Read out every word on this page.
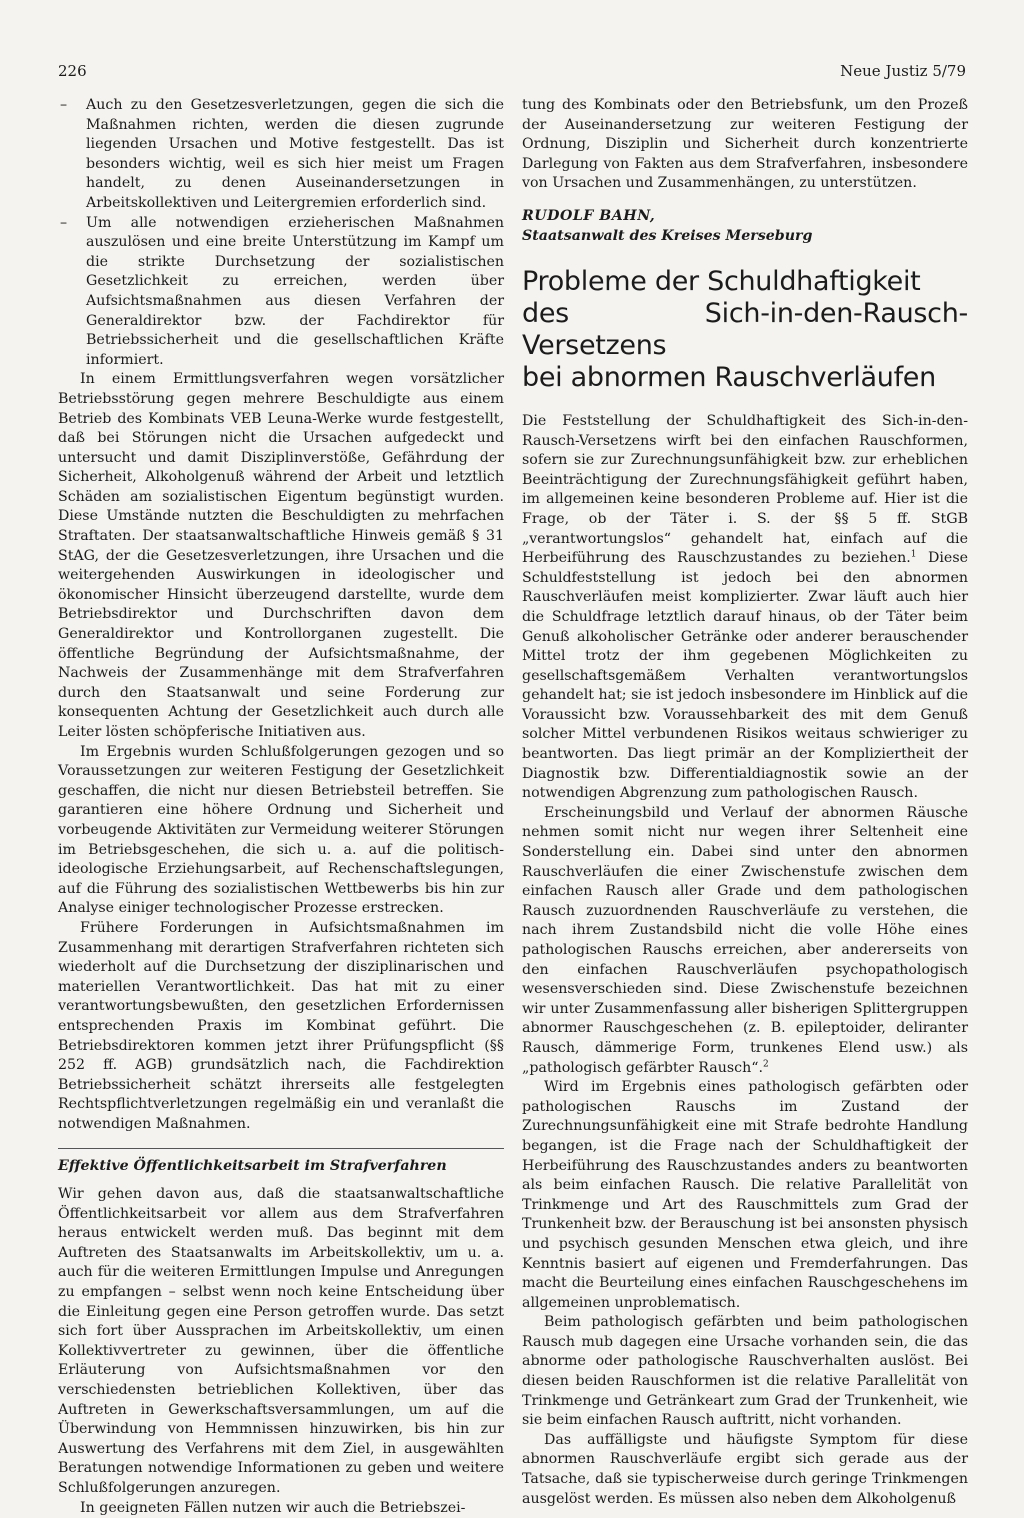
226	Neue Justiz 5/79
– Auch zu den Gesetzesverletzungen, gegen die sich die Maßnahmen richten, werden die diesen zugrunde liegenden Ursachen und Motive festgestellt. Das ist besonders wichtig, weil es sich hier meist um Fragen handelt, zu denen Auseinandersetzungen in Arbeitskollektiven und Leitergremien erforderlich sind.
– Um alle notwendigen erzieherischen Maßnahmen auszulösen und eine breite Unterstützung im Kampf um die strikte Durchsetzung der sozialistischen Gesetzlichkeit zu erreichen, werden über Aufsichtsmaßnahmen aus diesen Verfahren der Generaldirektor bzw. der Fachdirektor für Betriebssicherheit und die gesellschaftlichen Kräfte informiert.

In einem Ermittlungsverfahren wegen vorsätzlicher Betriebsstörung gegen mehrere Beschuldigte aus einem Betrieb des Kombinats VEB Leuna-Werke wurde festgestellt, daß bei Störungen nicht die Ursachen aufgedeckt und untersucht und damit Disziplinverstöße, Gefährdung der Sicherheit, Alkoholgenuß während der Arbeit und letztlich Schäden am sozialistischen Eigentum begünstigt wurden. Diese Umstände nutzten die Beschuldigten zu mehrfachen Straftaten. Der staatsanwaltschaftliche Hinweis gemäß § 31 StAG, der die Gesetzesverletzungen, ihre Ursachen und die weitergehenden Auswirkungen in ideologischer und ökonomischer Hinsicht überzeugend darstellte, wurde dem Betriebsdirektor und Durchschriften davon dem Generaldirektor und Kontrollorganen zugestellt. Die öffentliche Begründung der Aufsichtsmaßnahme, der Nachweis der Zusammenhänge mit dem Strafverfahren durch den Staatsanwalt und seine Forderung zur konsequenten Achtung der Gesetzlichkeit auch durch alle Leiter lösten schöpferische Initiativen aus.

Im Ergebnis wurden Schlußfolgerungen gezogen und so Voraussetzungen zur weiteren Festigung der Gesetzlichkeit geschaffen, die nicht nur diesen Betriebsteil betreffen. Sie garantieren eine höhere Ordnung und Sicherheit und vorbeugende Aktivitäten zur Vermeidung weiterer Störungen im Betriebsgeschehen, die sich u. a. auf die politisch-ideologische Erziehungsarbeit, auf Rechenschaftslegungen, auf die Führung des sozialistischen Wettbewerbs bis hin zur Analyse einiger technologischer Prozesse erstrecken.

Frühere Forderungen in Aufsichtsmaßnahmen im Zusammenhang mit derartigen Strafverfahren richteten sich wiederholt auf die Durchsetzung der disziplinarischen und materiellen Verantwortlichkeit. Das hat mit zu einer verantwortungsbewußten, den gesetzlichen Erfordernissen entsprechenden Praxis im Kombinat geführt. Die Betriebsdirektoren kommen jetzt ihrer Prüfungspflicht (§§ 252 ff. AGB) grundsätzlich nach, die Fachdirektion Betriebssicherheit schätzt ihrerseits alle festgelegten Rechtspflichtverletzungen regelmäßig ein und veranlaßt die notwendigen Maßnahmen.

Effektive Öffentlichkeitsarbeit im Strafverfahren

Wir gehen davon aus, daß die staatsanwaltschaftliche Öffentlichkeitsarbeit vor allem aus dem Strafverfahren heraus entwickelt werden muß. Das beginnt mit dem Auftreten des Staatsanwalts im Arbeitskollektiv, um u. a. auch für die weiteren Ermittlungen Impulse und Anregungen zu empfangen – selbst wenn noch keine Entscheidung über die Einleitung gegen eine Person getroffen wurde. Das setzt sich fort über Aussprachen im Arbeitskollektiv, um einen Kollektivvertreter zu gewinnen, über die öffentliche Erläuterung von Aufsichtsmaßnahmen vor den verschiedensten betrieblichen Kollektiven, über das Auftreten in Gewerkschaftsversammlungen, um auf die Überwindung von Hemmnissen hinzuwirken, bis hin zur Auswertung des Verfahrens mit dem Ziel, in ausgewählten Beratungen notwendige Informationen zu geben und weitere Schlußfolgerungen anzuregen.

In geeigneten Fällen nutzen wir auch die Betriebszei-

tung des Kombinats oder den Betriebsfunk, um den Prozeß der Auseinandersetzung zur weiteren Festigung der Ordnung, Disziplin und Sicherheit durch konzentrierte Darlegung von Fakten aus dem Strafverfahren, insbesondere von Ursachen und Zusammenhängen, zu unterstützen.

RUDOLF BAHN,
Staatsanwalt des Kreises Merseburg
Probleme der Schuldhaftigkeit
des Sich-in-den-Rausch-Versetzens
bei abnormen Rauschverläufen

Die Feststellung der Schuldhaftigkeit des Sich-in-den-Rausch-Versetzens wirft bei den einfachen Rauschformen, sofern sie zur Zurechnungsunfähigkeit bzw. zur erheblichen Beeinträchtigung der Zurechnungsfähigkeit geführt haben, im allgemeinen keine besonderen Probleme auf. Hier ist die Frage, ob der Täter i. S. der §§ 5 ff. StGB „verantwortungslos“ gehandelt hat, einfach auf die Herbeiführung des Rauschzustandes zu beziehen.$^1$ Diese Schuldfeststellung ist jedoch bei den abnormen Rauschverläufen meist komplizierter. Zwar läuft auch hier die Schuldfrage letztlich darauf hinaus, ob der Täter beim Genuß alkoholischer Getränke oder anderer berauschender Mittel trotz der ihm gegebenen Möglichkeiten zu gesellschaftsgemäßem Verhalten verantwortungslos gehandelt hat; sie ist jedoch insbesondere im Hinblick auf die Voraussicht bzw. Voraussehbarkeit des mit dem Genuß solcher Mittel verbundenen Risikos weitaus schwieriger zu beantworten. Das liegt primär an der Kompliziertheit der Diagnostik bzw. Differentialdiagnostik sowie an der notwendigen Abgrenzung zum pathologischen Rausch.

Erscheinungsbild und Verlauf der abnormen Räusche nehmen somit nicht nur wegen ihrer Seltenheit eine Sonderstellung ein. Dabei sind unter den abnormen Rauschverläufen die einer Zwischenstufe zwischen dem einfachen Rausch aller Grade und dem pathologischen Rausch zuzuordnenden Rauschverläufe zu verstehen, die nach ihrem Zustandsbild nicht die volle Höhe eines pathologischen Rauschs erreichen, aber andererseits von den einfachen Rauschverläufen psychopathologisch wesensverschieden sind. Diese Zwischenstufe bezeichnen wir unter Zusammenfassung aller bisherigen Splittergruppen abnormer Rauschgeschehen (z. B. epileptoider, deliranter Rausch, dämmerige Form, trunkenes Elend usw.) als „pathologisch gefärbter Rausch“.$^2$

Wird im Ergebnis eines pathologisch gefärbten oder pathologischen Rauschs im Zustand der Zurechnungsunfähigkeit eine mit Strafe bedrohte Handlung begangen, ist die Frage nach der Schuldhaftigkeit der Herbeiführung des Rauschzustandes anders zu beantworten als beim einfachen Rausch. Die relative Parallelität von Trinkmenge und Art des Rauschmittels zum Grad der Trunkenheit bzw. der Berauschung ist bei ansonsten physisch und psychisch gesunden Menschen etwa gleich, und ihre Kenntnis basiert auf eigenen und Fremderfahrungen. Das macht die Beurteilung eines einfachen Rauschgeschehens im allgemeinen unproblematisch.

Beim pathologisch gefärbten und beim pathologischen Rausch mub dagegen eine Ursache vorhanden sein, die das abnorme oder pathologische Rauschverhalten auslöst. Bei diesen beiden Rauschformen ist die relative Parallelität von Trinkmenge und Getränkeart zum Grad der Trunkenheit, wie sie beim einfachen Rausch auftritt, nicht vorhanden.

Das auffälligste und häufigste Symptom für diese abnormen Rauschverläufe ergibt sich gerade aus der Tatsache, daß sie typischerweise durch geringe Trinkmengen ausgelöst werden. Es müssen also neben dem Alkoholgenuß
